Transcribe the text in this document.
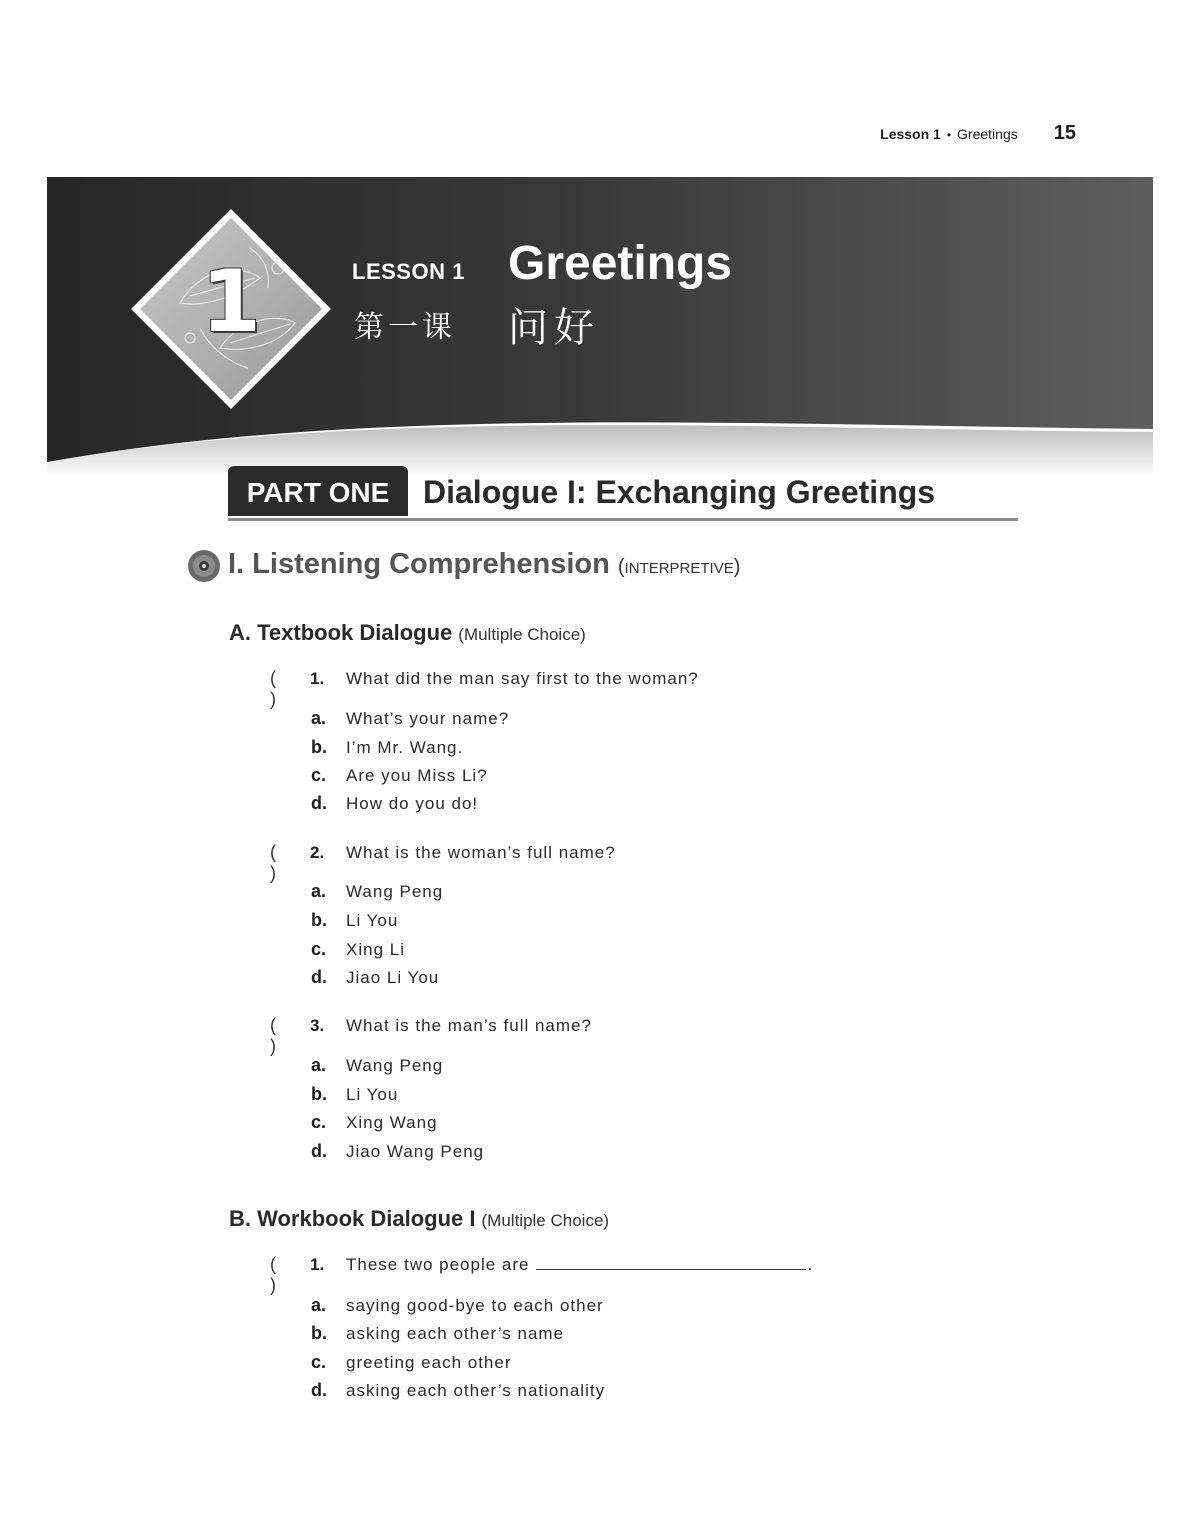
Lesson 1 • Greetings 15
1	LESSON 1
第一课
Greetings
问好
PART ONE	Dialogue I: Exchanging Greetings
I. Listening Comprehension (INTERPRETIVE)
A. Textbook Dialogue (Multiple Choice)
( )
1.	What did the man say first to the woman?
a.	What’s your name?
b.	I’m Mr. Wang.
c.	Are you Miss Li?
d.	How do you do!
( )
2.	What is the woman’s full name?
a.	Wang Peng
b.	Li You
c.	Xing Li
d.	Jiao Li You
( )
3.	What is the man’s full name?
a.	Wang Peng
b.	Li You
c.	Xing Wang
d.	Jiao Wang Peng
B. Workbook Dialogue I (Multiple Choice)
( )
1.	These two people are	.
a.	saying good-bye to each other
b.	asking each other’s name
c.	greeting each other
d.	asking each other’s nationality
